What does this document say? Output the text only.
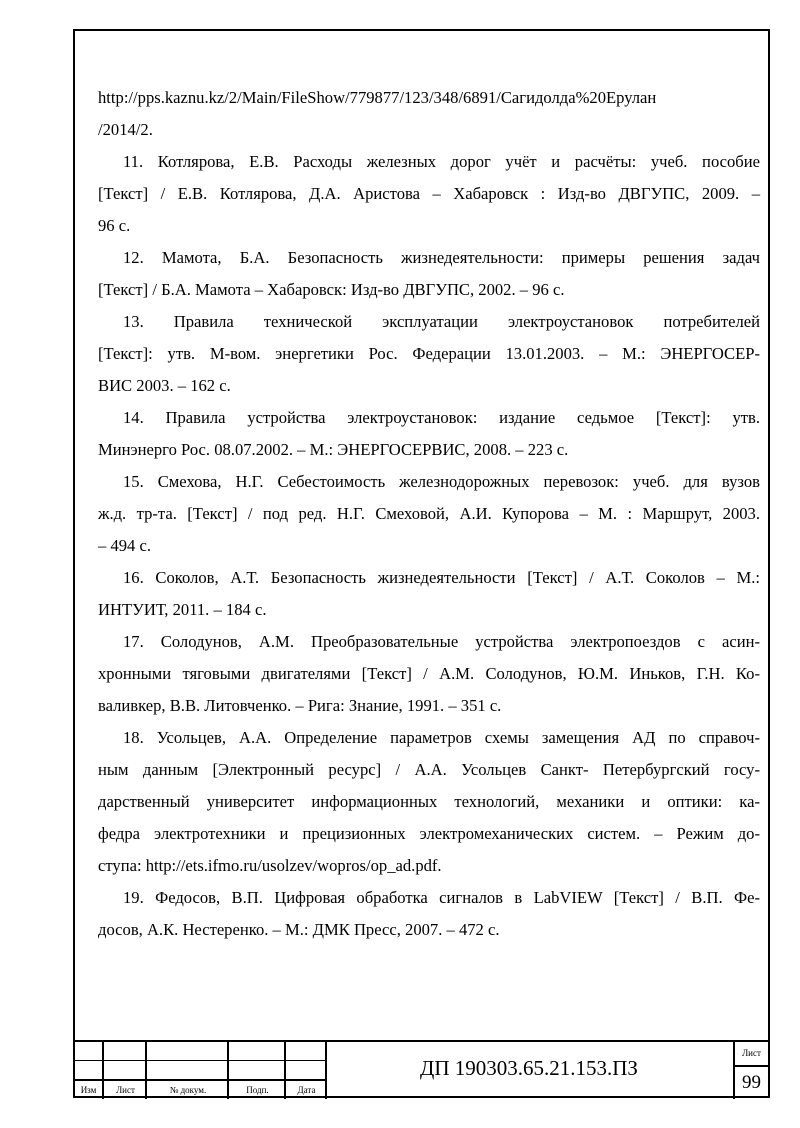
http://pps.kaznu.kz/2/Main/FileShow/779877/123/348/6891/Сагидолда%20Ерулан
/2014/2.
11. Котлярова, Е.В. Расходы железных дорог учёт и расчёты: учеб. пособие
[Текст] / Е.В. Котлярова, Д.А. Аристова – Хабаровск : Изд-во ДВГУПС, 2009. –
96 с.
12. Мамота, Б.А. Безопасность жизнедеятельности: примеры решения задач
[Текст] / Б.А. Мамота – Хабаровск: Изд-во ДВГУПС, 2002. – 96 с.
13. Правила технической эксплуатации электроустановок потребителей
[Текст]: утв. М-вом. энергетики Рос. Федерации 13.01.2003. – М.: ЭНЕРГОСЕР-
ВИС 2003. – 162 с.
14. Правила устройства электроустановок: издание седьмое [Текст]: утв.
Минэнерго Рос. 08.07.2002. – М.: ЭНЕРГОСЕРВИС, 2008. – 223 с.
15. Смехова, Н.Г. Себестоимость железнодорожных перевозок: учеб. для вузов
ж.д. тр-та. [Текст] / под ред. Н.Г. Смеховой, А.И. Купорова – М. : Маршрут, 2003.
– 494 с.
16. Соколов, А.Т. Безопасность жизнедеятельности [Текст] / А.Т. Соколов – М.:
ИНТУИТ, 2011. – 184 с.
17. Солодунов, А.М. Преобразовательные устройства электропоездов с асин-
хронными тяговыми двигателями [Текст] / А.М. Солодунов, Ю.М. Иньков, Г.Н. Ко-
валивкер, В.В. Литовченко. – Рига: Знание, 1991. – 351 с.
18. Усольцев, А.А. Определение параметров схемы замещения АД по справоч-
ным данным [Электронный ресурс] / А.А. Усольцев Санкт- Петербургский госу-
дарственный университет информационных технологий, механики и оптики: ка-
федра электротехники и прецизионных электромеханических систем. – Режим до-
ступа: http://ets.ifmo.ru/usolzev/wopros/op_ad.pdf.
19. Федосов, В.П. Цифровая обработка сигналов в LabVIEW [Текст] / В.П. Фе-
досов, А.К. Нестеренко. – М.: ДМК Пресс, 2007. – 472 с.
Изм	Лист	№ докум.	Подп.	Дата
ДП 190303.65.21.153.ПЗ
Лист
99
